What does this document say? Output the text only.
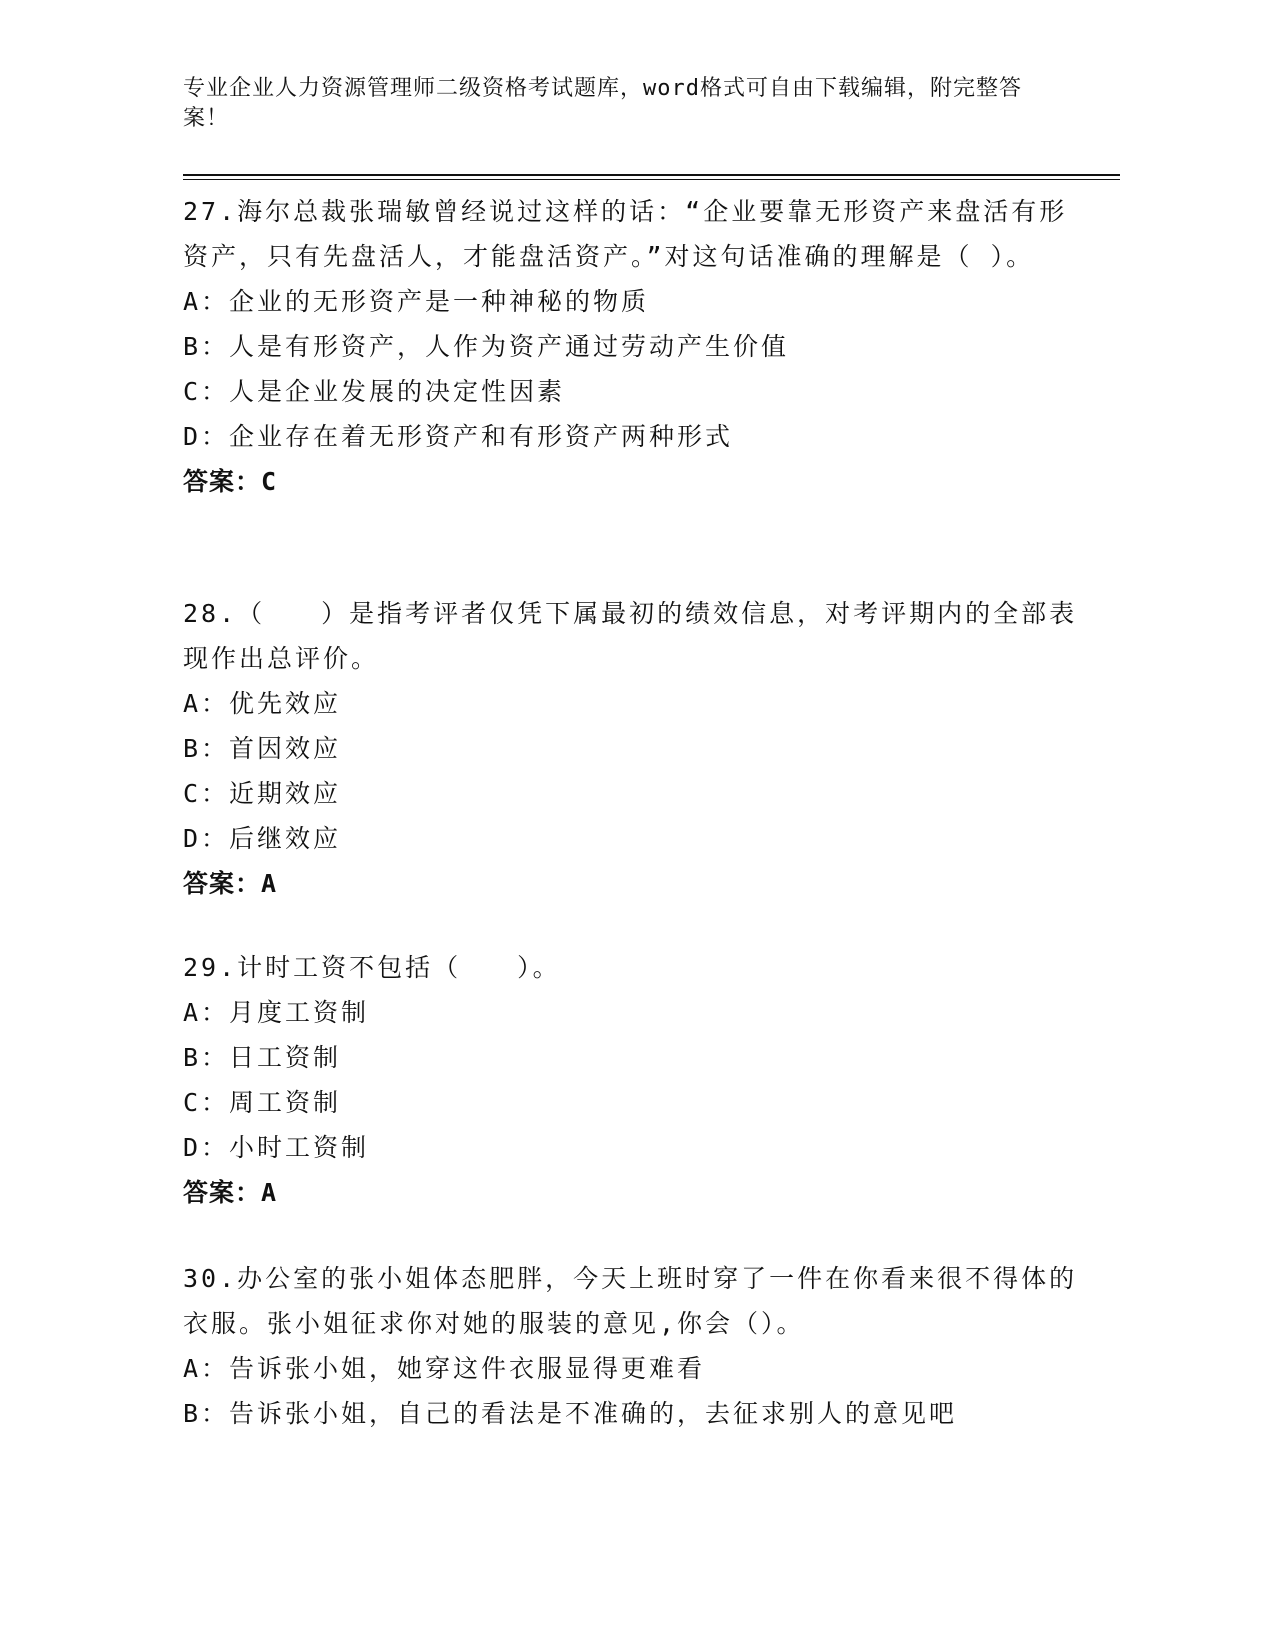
专业企业人力资源管理师二级资格考试题库，word格式可自由下载编辑，附完整答案！
27.海尔总裁张瑞敏曾经说过这样的话：“企业要靠无形资产来盘活有形资产，只有先盘活人，才能盘活资产。”对这句话准确的理解是（ ）。
A：企业的无形资产是一种神秘的物质
B：人是有形资产，人作为资产通过劳动产生价值
C：人是企业发展的决定性因素
D：企业存在着无形资产和有形资产两种形式
答案：C
28.（　　）是指考评者仅凭下属最初的绩效信息，对考评期内的全部表现作出总评价。
A：优先效应
B：首因效应
C：近期效应
D：后继效应
答案：A
29.计时工资不包括（　　）。
A：月度工资制
B：日工资制
C：周工资制
D：小时工资制
答案：A
30.办公室的张小姐体态肥胖，今天上班时穿了一件在你看来很不得体的衣服。张小姐征求你对她的服装的意见,你会（）。
A：告诉张小姐，她穿这件衣服显得更难看
B：告诉张小姐，自己的看法是不准确的，去征求别人的意见吧
